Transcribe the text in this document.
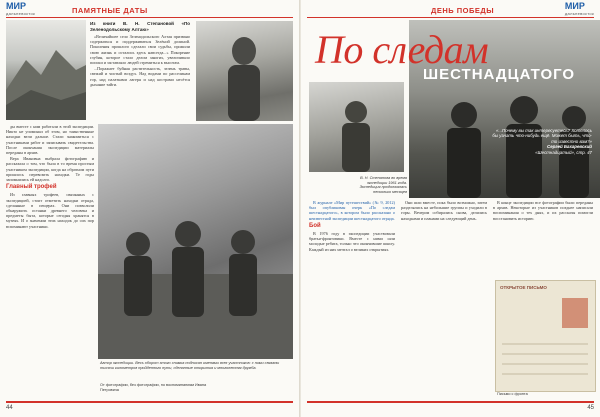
МИР
дальневосток	ПАМЯТНЫЕ ДАТЫ
Из книги В. Н. Степановой «По Зеленодольскому Алтаю»

«Величайшее село Зеленодольского Алтая призвано содержаться и поддерживаться Зелёной долиной. Поколения прошлого сделали свои судьбы, прожили свою жизнь и остались здесь навсегда...» Покорение глубин, которое стало делом многих, увеличивало поиски и заставляло людей стремиться к высотам.

...Поражает буйная растительность, зелень травы, свежий и чистый воздух. Над водами по расселинам гор, над палатками лагеря и над кострами несётся дыхание тайги.

ды вместе с ним работали в этой экспедиции. Никто не упоминал об этом, но таинственные находки вели дальше. Стали знакомиться с участниками работ и записывать свидетельства. После окончания экспедиции материалы переданы в архив.

Вера Ивановна выбрала фотографию и рассказала о том, что была в то время простым участником экспедиции, когда на обратном пути пришлось перевозить находки. Те годы запомнились ей надолго.

Главный трофей

Из главных трофеев, связанных с экспедицией, стоит отметить находки отряда, сделанные в пещерах. Они позволили обнаружить останки древнего человека и предметы быта, которые сегодня хранятся в музеях. И о значении этих находок до сих пор вспоминают участники.

Автор экспедиции. Весь оборот этого снимка подписан именами всех участников: с ними связаны тысячи километров пройденного пути, сделанные открытия и многолетняя дружба.
От фотографии, без фотографии, по воспоминаниям Ивана Петровича
44
ДЕНЬ ПОБЕДЫ	МИР
дальневосток
По следам
ШЕСТНАДЦАТОГО
«...Почему вы так интересуетесь? Хотелось бы узнать что-нибудь ещё. Может быть, что-то известно вам?»
Сергей Бахаревский
«Шестнадцатый», стр. 47
В. Н. Степанова во время экспедиции 1961 года. Экспедиция продолжалась несколько месяцев

В журнале «Мир путешествий» (№ 9, 2012) был опубликован очерк «По следам шестнадцатого», в котором было рассказано о неизвестной экспедиции шестнадцатого отряда.

Бой

В 1976 году в экспедиции участвовали братья-фронтовики. Вместе с ними шли молодые ребята, только что окончившие школу. Каждый из них мечтал о великих открытиях.

Они шли вместе, пока было возможно, затем разделялись на небольшие группы и уходили в горы. Вечером собирались снова, делились находками и планами на следующий день.

В конце экспедиции все фотографии были переданы в архив. Некоторые из участников позднее написали воспоминания о тех днях, и их рассказы помогли восстановить историю.

ОТКРЫТОЕ ПИСЬМО
Письмо с фронта
45
